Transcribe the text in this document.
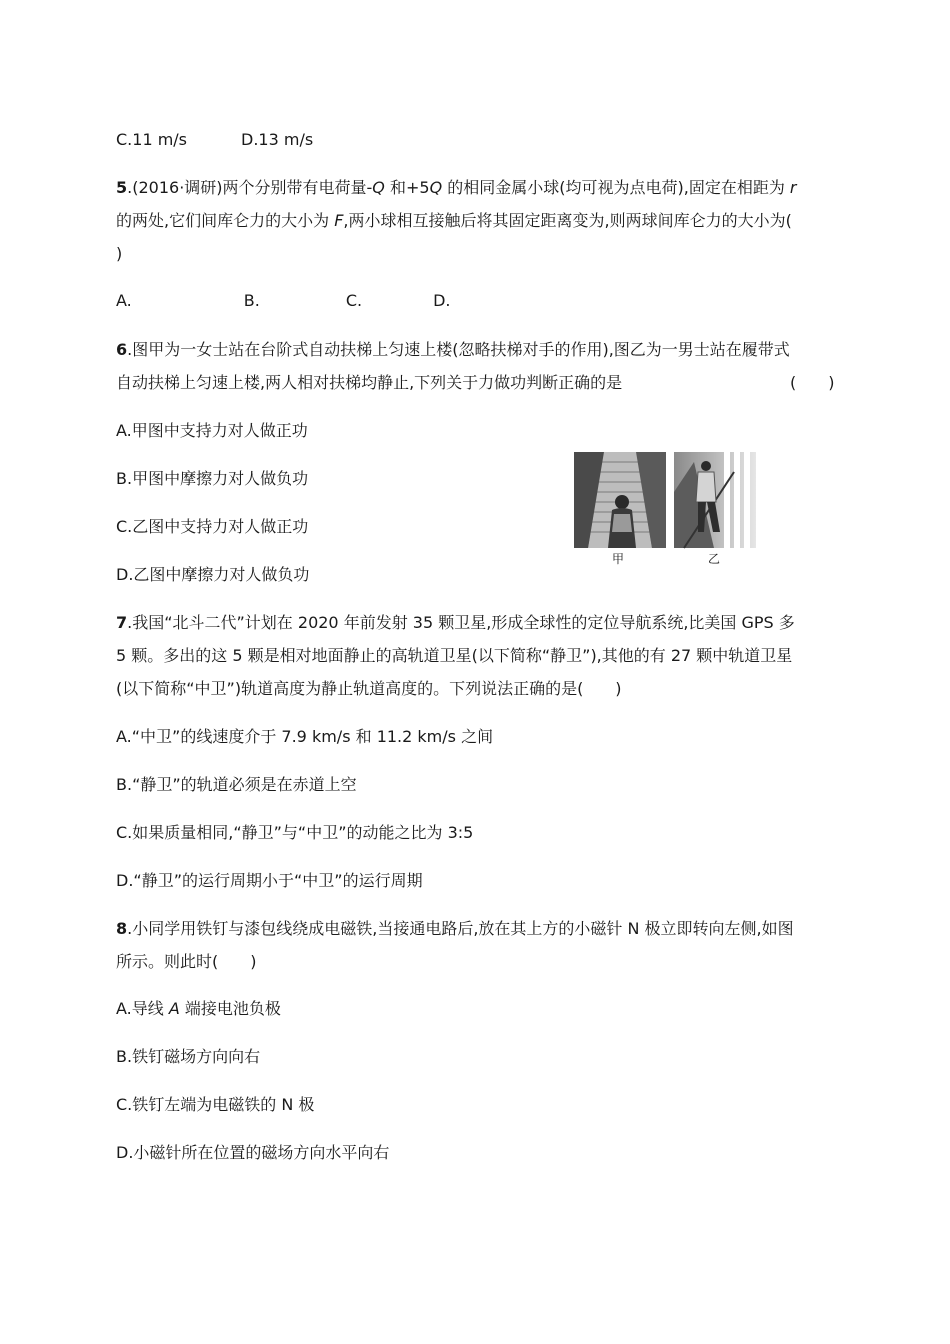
C.11 m/s	D.13 m/s
5.(2016·调研)两个分别带有电荷量-Q 和+5Q 的相同金属小球(均可视为点电荷),固定在相距为 r
的两处,它们间库仑力的大小为 F,两小球相互接触后将其固定距离变为,则两球间库仑力的大小为(
)
A.	B.	C.	D.
6.图甲为一女士站在台阶式自动扶梯上匀速上楼(忽略扶梯对手的作用),图乙为一男士站在履带式
自动扶梯上匀速上楼,两人相对扶梯均静止,下列关于力做功判断正确的是	(　　)
A.甲图中支持力对人做正功
B.甲图中摩擦力对人做负功
C.乙图中支持力对人做正功
D.乙图中摩擦力对人做负功
甲	乙
7.我国“北斗二代”计划在 2020 年前发射 35 颗卫星,形成全球性的定位导航系统,比美国 GPS 多
5 颗。多出的这 5 颗是相对地面静止的高轨道卫星(以下简称“静卫”),其他的有 27 颗中轨道卫星
(以下简称“中卫”)轨道高度为静止轨道高度的。下列说法正确的是(　　)
A.“中卫”的线速度介于 7.9 km/s 和 11.2 km/s 之间
B.“静卫”的轨道必须是在赤道上空
C.如果质量相同,“静卫”与“中卫”的动能之比为 3:5
D.“静卫”的运行周期小于“中卫”的运行周期
8.小同学用铁钉与漆包线绕成电磁铁,当接通电路后,放在其上方的小磁针 N 极立即转向左侧,如图
所示。则此时(　　)
A.导线 A 端接电池负极
B.铁钉磁场方向向右
C.铁钉左端为电磁铁的 N 极
D.小磁针所在位置的磁场方向水平向右
